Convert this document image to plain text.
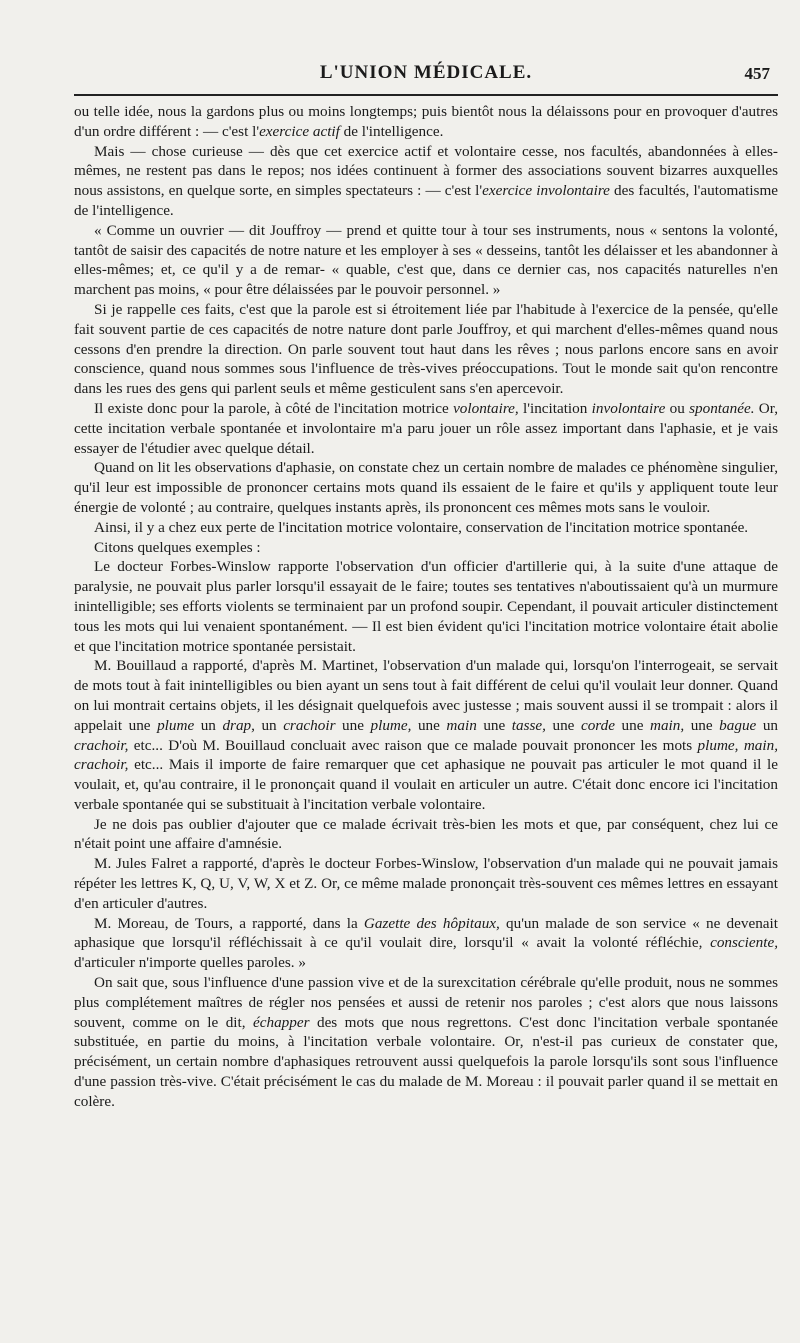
L'UNION MÉDICALE.	457

ou telle idée, nous la gardons plus ou moins longtemps; puis bientôt nous la délaissons pour en provoquer d'autres d'un ordre différent : — c'est l'exercice actif de l'intelligence.

Mais — chose curieuse — dès que cet exercice actif et volontaire cesse, nos facultés, abandonnées à elles-mêmes, ne restent pas dans le repos; nos idées continuent à former des associations souvent bizarres auxquelles nous assistons, en quelque sorte, en simples spectateurs : — c'est l'exercice involontaire des facultés, l'automatisme de l'intelligence.

« Comme un ouvrier — dit Jouffroy — prend et quitte tour à tour ses instruments, nous « sentons la volonté, tantôt de saisir des capacités de notre nature et les employer à ses « desseins, tantôt les délaisser et les abandonner à elles-mêmes; et, ce qu'il y a de remar- « quable, c'est que, dans ce dernier cas, nos capacités naturelles n'en marchent pas moins, « pour être délaissées par le pouvoir personnel. »

Si je rappelle ces faits, c'est que la parole est si étroitement liée par l'habitude à l'exercice de la pensée, qu'elle fait souvent partie de ces capacités de notre nature dont parle Jouffroy, et qui marchent d'elles-mêmes quand nous cessons d'en prendre la direction. On parle souvent tout haut dans les rêves ; nous parlons encore sans en avoir conscience, quand nous sommes sous l'influence de très-vives préoccupations. Tout le monde sait qu'on rencontre dans les rues des gens qui parlent seuls et même gesticulent sans s'en apercevoir.

Il existe donc pour la parole, à côté de l'incitation motrice volontaire, l'incitation involontaire ou spontanée. Or, cette incitation verbale spontanée et involontaire m'a paru jouer un rôle assez important dans l'aphasie, et je vais essayer de l'étudier avec quelque détail.

Quand on lit les observations d'aphasie, on constate chez un certain nombre de malades ce phénomène singulier, qu'il leur est impossible de prononcer certains mots quand ils essaient de le faire et qu'ils y appliquent toute leur énergie de volonté ; au contraire, quelques instants après, ils prononcent ces mêmes mots sans le vouloir.

Ainsi, il y a chez eux perte de l'incitation motrice volontaire, conservation de l'incitation motrice spontanée.

Citons quelques exemples :

Le docteur Forbes-Winslow rapporte l'observation d'un officier d'artillerie qui, à la suite d'une attaque de paralysie, ne pouvait plus parler lorsqu'il essayait de le faire; toutes ses tentatives n'aboutissaient qu'à un murmure inintelligible; ses efforts violents se terminaient par un profond soupir. Cependant, il pouvait articuler distinctement tous les mots qui lui venaient spontanément. — Il est bien évident qu'ici l'incitation motrice volontaire était abolie et que l'incitation motrice spontanée persistait.

M. Bouillaud a rapporté, d'après M. Martinet, l'observation d'un malade qui, lorsqu'on l'interrogeait, se servait de mots tout à fait inintelligibles ou bien ayant un sens tout à fait différent de celui qu'il voulait leur donner. Quand on lui montrait certains objets, il les désignait quelquefois avec justesse ; mais souvent aussi il se trompait : alors il appelait une plume un drap, un crachoir une plume, une main une tasse, une corde une main, une bague un crachoir, etc... D'où M. Bouillaud concluait avec raison que ce malade pouvait prononcer les mots plume, main, crachoir, etc... Mais il importe de faire remarquer que cet aphasique ne pouvait pas articuler le mot quand il le voulait, et, qu'au contraire, il le prononçait quand il voulait en articuler un autre. C'était donc encore ici l'incitation verbale spontanée qui se substituait à l'incitation verbale volontaire.

Je ne dois pas oublier d'ajouter que ce malade écrivait très-bien les mots et que, par conséquent, chez lui ce n'était point une affaire d'amnésie.

M. Jules Falret a rapporté, d'après le docteur Forbes-Winslow, l'observation d'un malade qui ne pouvait jamais répéter les lettres K, Q, U, V, W, X et Z. Or, ce même malade prononçait très-souvent ces mêmes lettres en essayant d'en articuler d'autres.

M. Moreau, de Tours, a rapporté, dans la Gazette des hôpitaux, qu'un malade de son service « ne devenait aphasique que lorsqu'il réfléchissait à ce qu'il voulait dire, lorsqu'il « avait la volonté réfléchie, consciente, d'articuler n'importe quelles paroles. »

On sait que, sous l'influence d'une passion vive et de la surexcitation cérébrale qu'elle produit, nous ne sommes plus complétement maîtres de régler nos pensées et aussi de retenir nos paroles ; c'est alors que nous laissons souvent, comme on le dit, échapper des mots que nous regrettons. C'est donc l'incitation verbale spontanée substituée, en partie du moins, à l'incitation verbale volontaire. Or, n'est-il pas curieux de constater que, précisément, un certain nombre d'aphasiques retrouvent aussi quelquefois la parole lorsqu'ils sont sous l'influence d'une passion très-vive. C'était précisément le cas du malade de M. Moreau : il pouvait parler quand il se mettait en colère.
